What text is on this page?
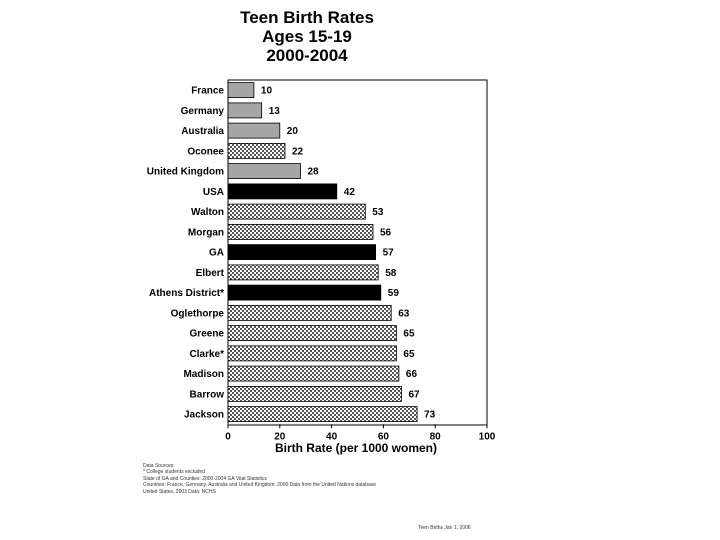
Teen Birth Rates
Ages 15-19
2000-2004
France
Germany
Australia
Oconee
United Kingdom
USA
Walton
Morgan
GA
Elbert
Athens District*
Oglethorpe
Greene
Clarke*
Madison
Barrow
Jackson
10
13
20
22
28
42
53
56
57
58
59
63
65
65
66
67
73
0	20	40	60	80	100
Birth Rate (per 1000 women)
Data Sources:
* College students excluded
State of GA and Counties: 2000-2004 GA Vital Statistics
Countries: France, Germany, Australia and United Kingdom: 2000 Data from the United Nations database
United States, 2003 Data: NCHS
Teen Births Jan 1, 2006
